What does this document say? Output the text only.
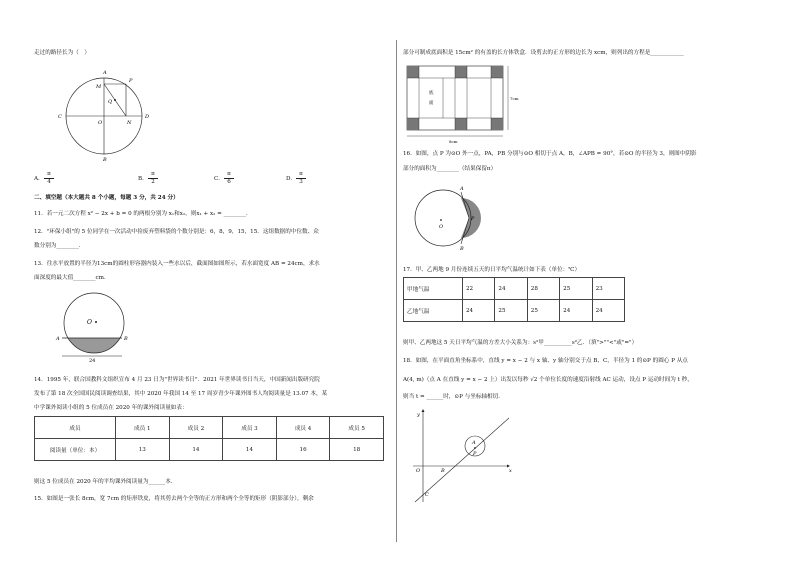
走过的路径长为（　）
M
P
Q
C
O	N
D
B
A
A．
π
4	B．
π
2	C．
π
6	D．
π
3
二、填空题（本大题共 8 个小题，每题 3 分，共 24 分）
11．若一元二次方程 x² − 2x + b = 0 的两根分别为 x₁和x₂，则x₁ + x₂ = ________.
12．"环保小组"的 5 位同学在一次活动中捡废弃塑料袋的个数分别是：6，8，9，15，15．这组数据的中位数、众
数分别为________．
13．往水平放置的半径为13cm的圆柱形容器内装入一些水以后，截面图如图所示，若水面宽度 AB = 24cm，求水
面深度的最大值________cm．
O
A	B
24
14．1995 年，联合国教科文组织宣布 4 月 23 日为"世界读书日"．2021 年世界读书日当天，中国新闻出版研究院
发布了第 18 次全国国民阅读调查结果，其中 2020 年我国 14 至 17 周岁青少年课外图书人均阅读量是 13.07 本，某
中学课外阅读小组的 5 位成员在 2020 年的课外阅读量如表：
成员	成员 1	成员 2	成员 3	成员 4	成员 5
阅读量（单位：本）	13	14	14	16	18
则这 5 位成员在 2020 年的平均课外阅读量为______本．
15．如图是一张长 8cm，宽 7cm 的矩形铁皮，将其剪去两个全等的正方形和两个全等的矩形（阴影部分），剩余
部分可制成底面积是 15cm² 的有盖的长方体铁盒．设剪去的正方形的边长为 xcm，则列出的方程是____________
底
面
7cm
8cm
16．如图，点 P 为⊙O 外一点，PA，PB 分别与⊙O 相切于点 A，B，∠APB = 90°，若⊙O 的半径为 3，则图中阴影
部分的面积为________（结果保留π）
A
O
P
B
17．甲、乙两地 9 月份连续五天的日平均气温统计如下表（单位：℃）
甲地气温	22	24	28	25	23
乙地气温	24	25	25	24	24
则甲、乙两地这 5 天日平均气温的方差大小关系为：s²甲__________s²乙．（填">""<"或"="）
18．如图，在平面直角坐标系中，直线 y = x − 2 与 x 轴、y 轴分别交于点 B、C，半径为 1 的⊙P 的圆心 P 从点
A(4, m)（点 A 在直线 y = x − 2 上）出发以每秒 √2 个单位长度的速度沿射线 AC 运动，设点 P 运动时间为 t 秒，
则当 t = ______时，⊙P 与坐标轴相切．
y
x
O	B
C
A
P
